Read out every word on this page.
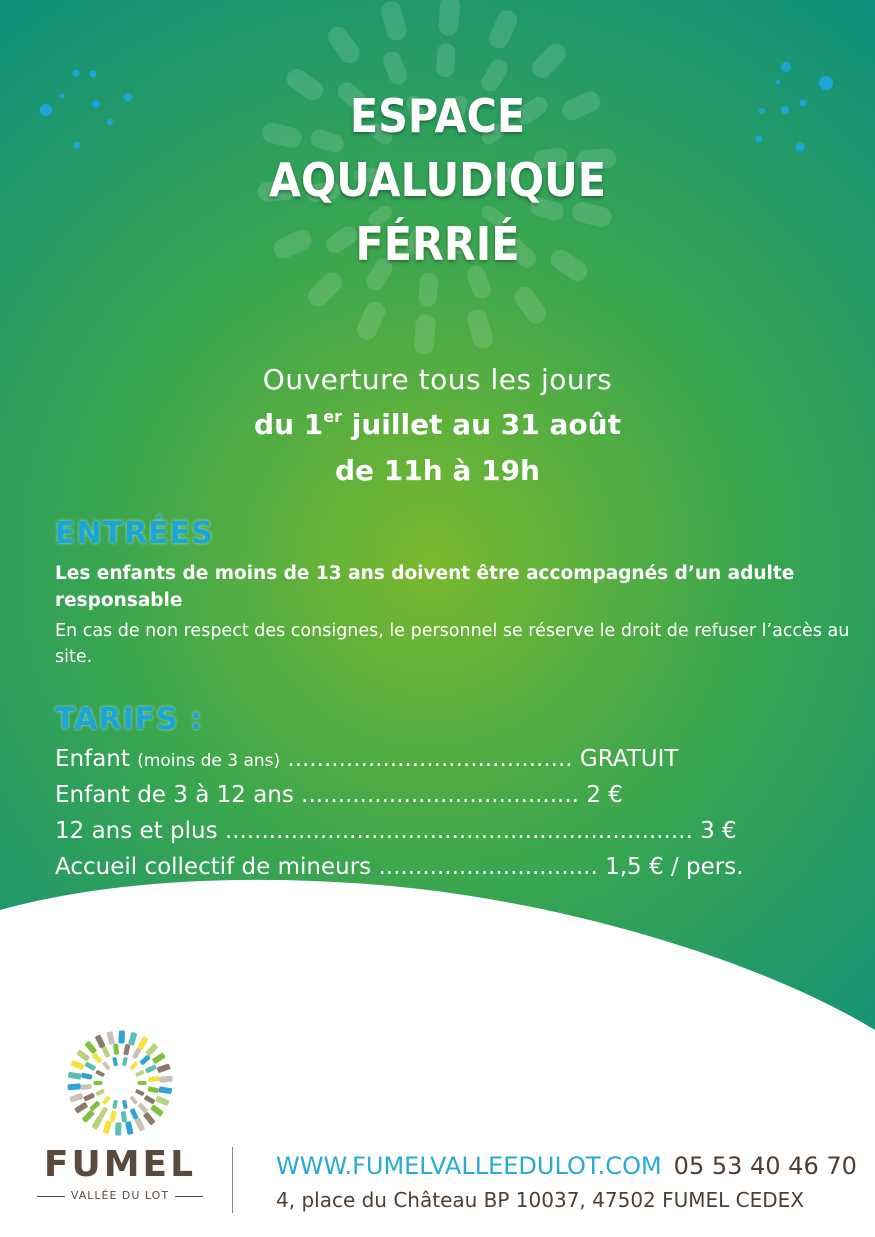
ESPACE
AQUALUDIQUE
FÉRRIÉ
Ouverture tous les jours
du 1er juillet au 31 août
de 11h à 19h
ENTRÉES
Les enfants de moins de 13 ans doivent être accompagnés d’un adulte responsable
En cas de non respect des consignes, le personnel se réserve le droit de refuser l’accès au site.
TARIFS :
Enfant (moins de 3 ans) ....................................... GRATUIT
Enfant de 3 à 12 ans ...................................... 2 €
12 ans et plus ................................................................ 3 €
Accueil collectif de mineurs .............................. 1,5 € / pers.
FUMEL
VALLÉE DU LOT
WWW.FUMELVALLEEDULOT.COM 05 53 40 46 70
4, place du Château BP 10037, 47502 FUMEL CEDEX
